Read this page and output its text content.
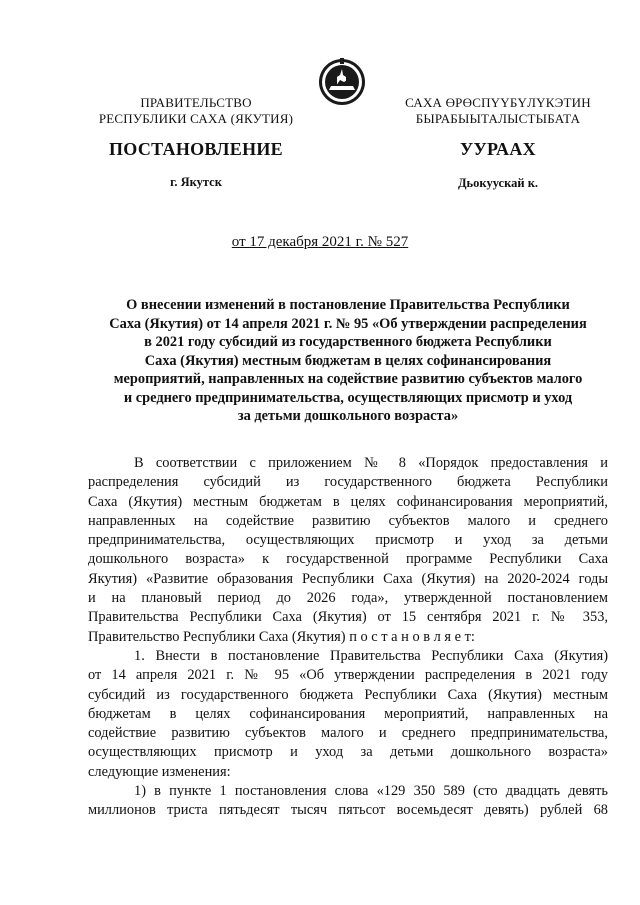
ПРАВИТЕЛЬСТВО
РЕСПУБЛИКИ САХА (ЯКУТИЯ)
САХА ӨРӨСПҮҮБҮЛҮКЭТИН
БЫРАБЫЫТАЛЫСТЫБАТА
ПОСТАНОВЛЕНИЕ	УУРААХ
г. Якутск	Дьокуускай к.
от 17 декабря 2021 г. № 527
О внесении изменений в постановление Правительства Республики
Саха (Якутия) от 14 апреля 2021 г. № 95 «Об утверждении распределения
в 2021 году субсидий из государственного бюджета Республики
Саха (Якутия) местным бюджетам в целях софинансирования
мероприятий, направленных на содействие развитию субъектов малого
и среднего предпринимательства, осуществляющих присмотр и уход
за детьми дошкольного возраста»
В соответствии с приложением № 8 «Порядок предоставления и
распределения субсидий из государственного бюджета Республики
Саха (Якутия) местным бюджетам в целях софинансирования мероприятий,
направленных на содействие развитию субъектов малого и среднего
предпринимательства, осуществляющих присмотр и уход за детьми
дошкольного возраста» к государственной программе Республики Саха
Якутия) «Развитие образования Республики Саха (Якутия) на 2020-2024 годы
и на плановый период до 2026 года», утвержденной постановлением
Правительства Республики Саха (Якутия) от 15 сентября 2021 г. № 353,
Правительство Республики Саха (Якутия) п о с т а н о в л я е т:
1. Внести в постановление Правительства Республики Саха (Якутия)
от 14 апреля 2021 г. № 95 «Об утверждении распределения в 2021 году
субсидий из государственного бюджета Республики Саха (Якутия) местным
бюджетам в целях софинансирования мероприятий, направленных на
содействие развитию субъектов малого и среднего предпринимательства,
осуществляющих присмотр и уход за детьми дошкольного возраста»
следующие изменения:
1) в пункте 1 постановления слова «129 350 589 (сто двадцать девять
миллионов триста пятьдесят тысяч пятьсот восемьдесят девять) рублей 68
